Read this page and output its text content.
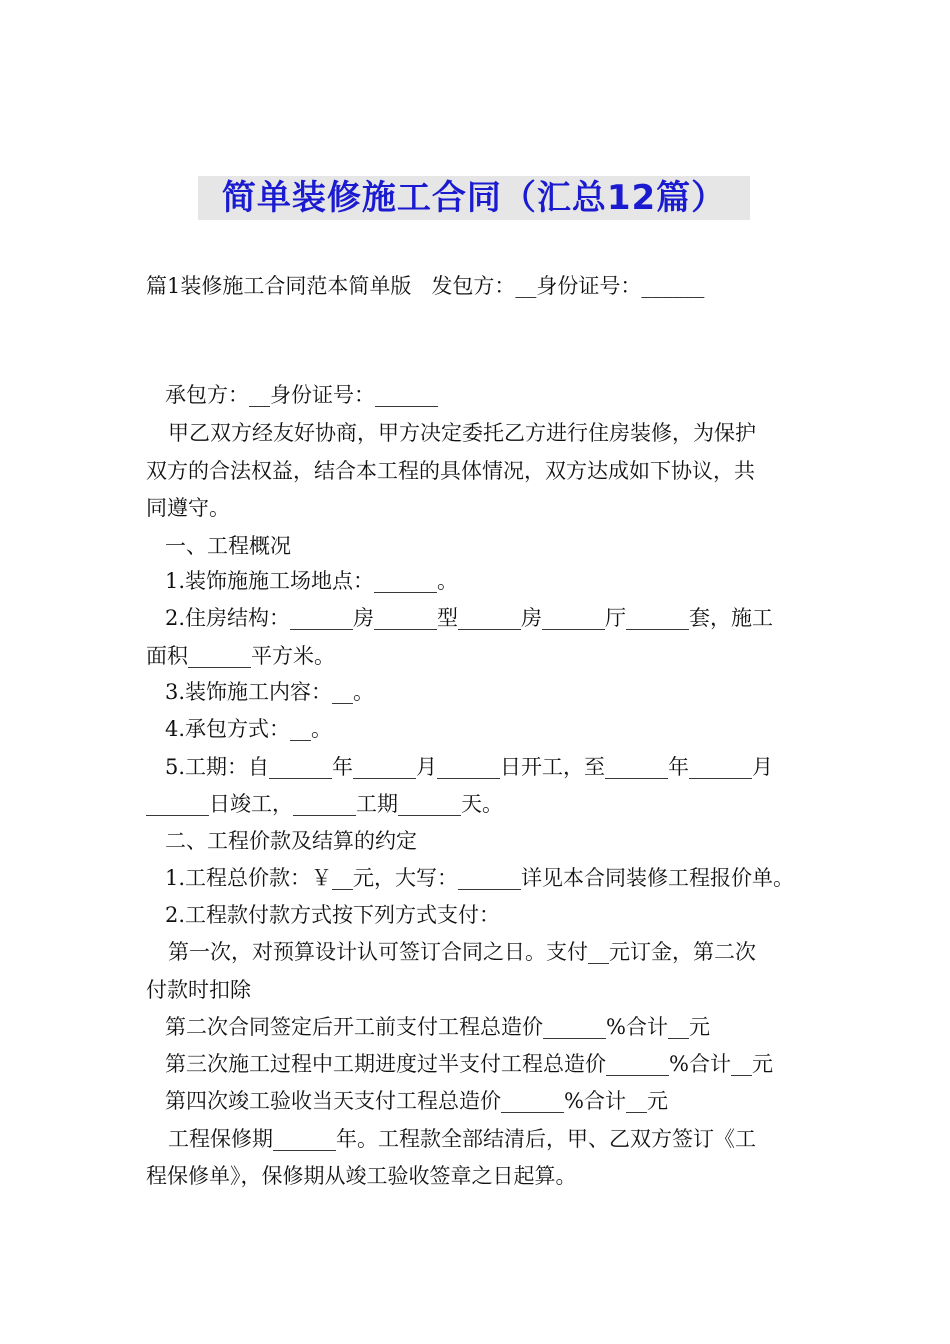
简单装修施工合同（汇总12篇）
篇1装修施工合同范本简单版   发包方：__身份证号：______
承包方：__身份证号：______
甲乙双方经友好协商，甲方决定委托乙方进行住房装修，为保护
双方的合法权益，结合本工程的具体情况，双方达成如下协议，共
同遵守。
一、工程概况
1.装饰施施工场地点：______。
2.住房结构：______房______型______房______厅______套，施工
面积______平方米。
3.装饰施工内容：__。
4.承包方式：__。
5.工期：自______年______月______日开工，至______年______月
______日竣工，______工期______天。
二、工程价款及结算的约定
1.工程总价款：￥__元，大写：______详见本合同装修工程报价单。
2.工程款付款方式按下列方式支付：
第一次，对预算设计认可签订合同之日。支付__元订金，第二次
付款时扣除
第二次合同签定后开工前支付工程总造价______%合计__元
第三次施工过程中工期进度过半支付工程总造价______%合计__元
第四次竣工验收当天支付工程总造价______%合计__元
工程保修期______年。工程款全部结清后，甲、乙双方签订《工
程保修单》，保修期从竣工验收签章之日起算。
